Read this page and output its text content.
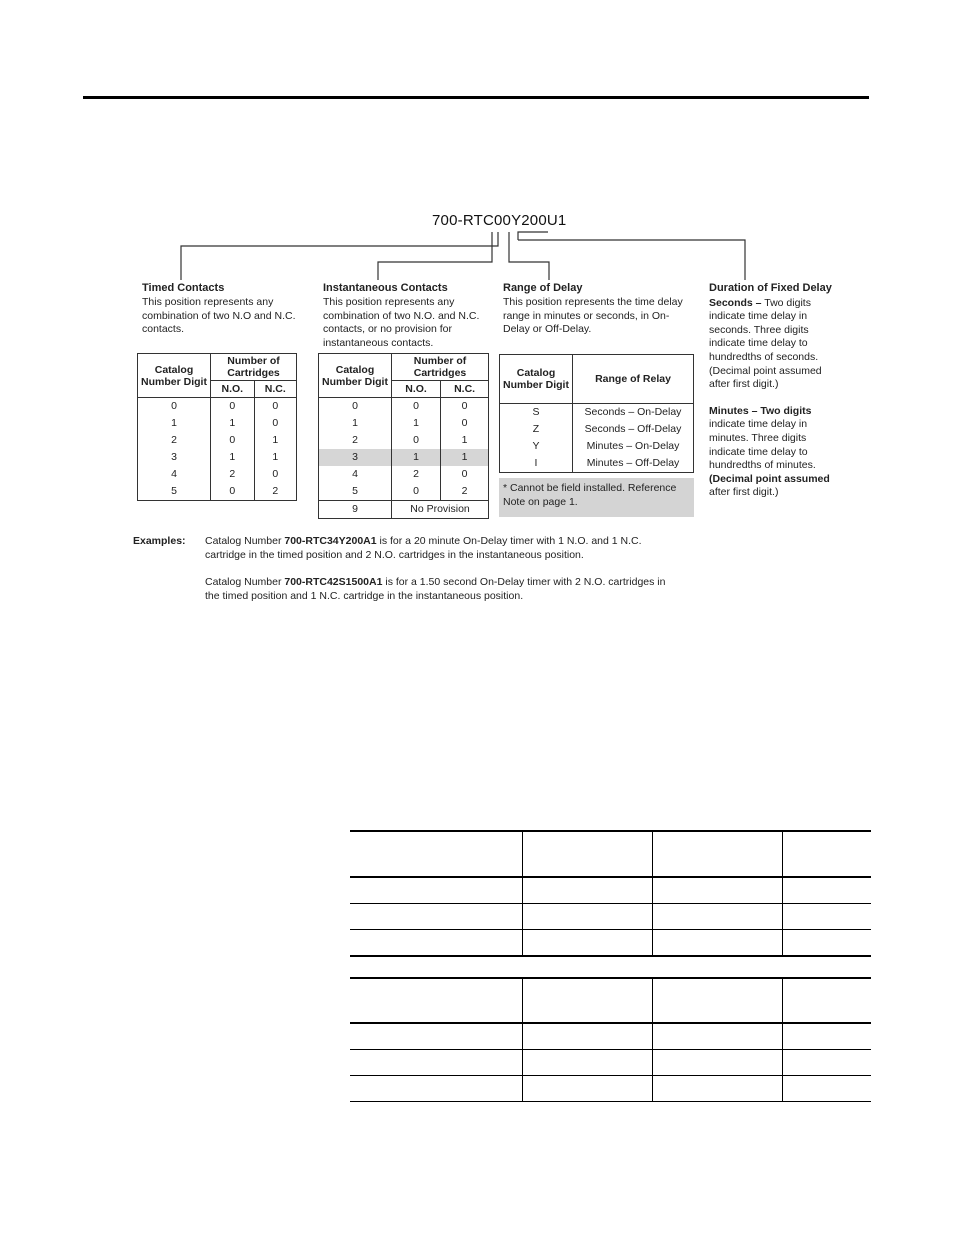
700-RTC00Y200U1
Timed Contacts
This position represents any combination of two N.O and N.C. contacts.
Instantaneous Contacts
This position represents any combination of two N.O. and N.C. contacts, or no provision for instantaneous contacts.
Range of Delay
This position represents the time delay range in minutes or seconds, in On-Delay or Off-Delay.
Duration of Fixed Delay
Seconds – Two digits indicate time delay in seconds. Three digits indicate time delay to hundredths of seconds. (Decimal point assumed after first digit.)
Minutes – Two digits indicate time delay in minutes. Three digits indicate time delay to hundredths of minutes. (Decimal point assumed after first digit.)
Catalog Number Digit	Number of Cartridges	
	N.O.	N.C.
0	0	0
1	1	0
2	0	1
3	1	1
4	2	0
5	0	2
Catalog Number Digit	Number of Cartridges	
	N.O.	N.C.
0	0	0
1	1	0
2	0	1
3	1	1
4	2	0
5	0	2
9	No Provision	
Catalog Number Digit	Range of Relay
S	Seconds – On-Delay
Z	Seconds – Off-Delay
Y	Minutes – On-Delay
I	Minutes – Off-Delay
* Cannot be field installed. Reference Note on page 1.
Examples: Catalog Number 700-RTC34Y200A1 is for a 20 minute On-Delay timer with 1 N.O. and 1 N.C. cartridge in the timed position and 2 N.O. cartridges in the instantaneous position.
Catalog Number 700-RTC42S1500A1 is for a 1.50 second On-Delay timer with 2 N.O. cartridges in the timed position and 1 N.C. cartridge in the instantaneous position.
